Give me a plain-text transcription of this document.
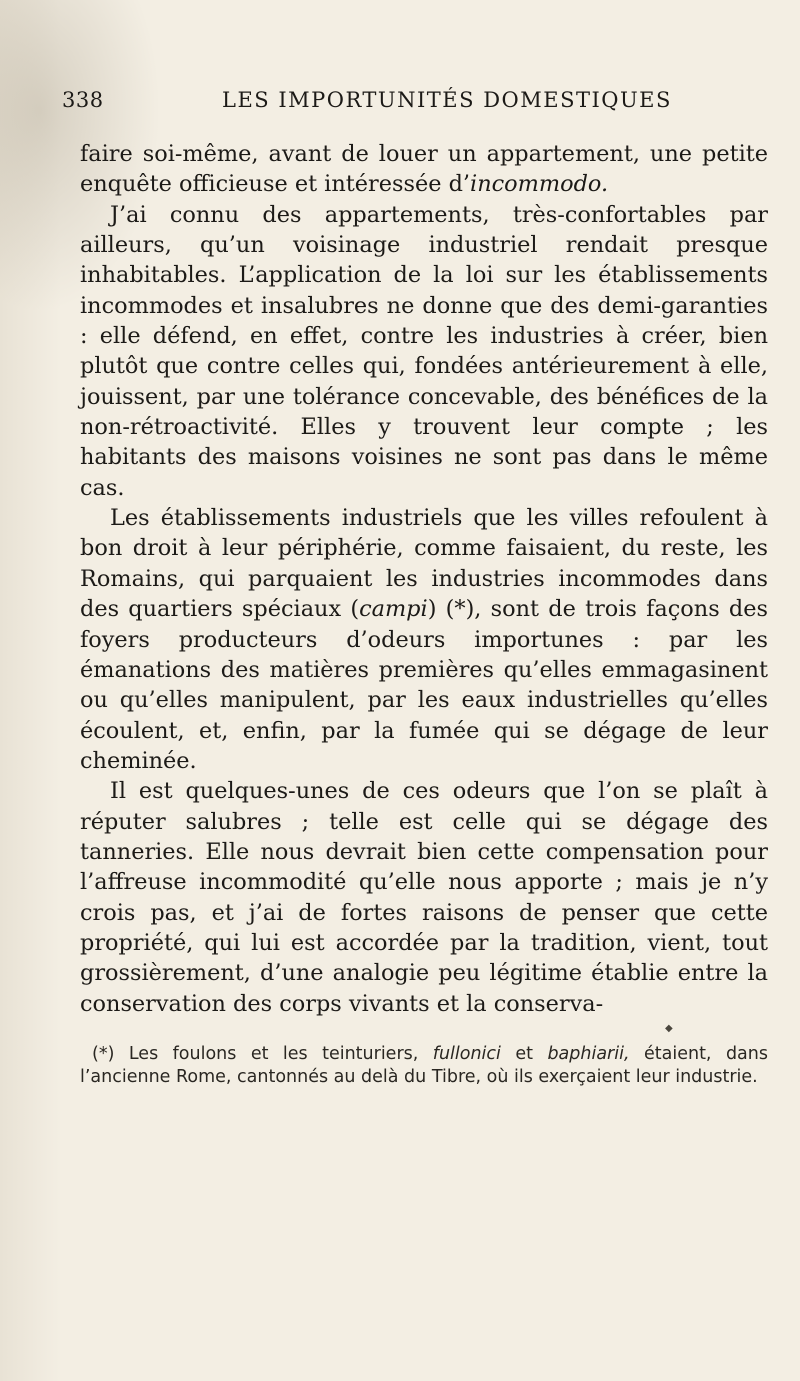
338	LES IMPORTUNITÉS DOMESTIQUES

faire soi-même, avant de louer un appartement, une petite enquête officieuse et intéressée d’incommodo.

J’ai connu des appartements, très-confortables par ailleurs, qu’un voisinage industriel rendait presque inhabitables. L’application de la loi sur les établissements incommodes et insalubres ne donne que des demi-garanties : elle défend, en effet, contre les industries à créer, bien plutôt que contre celles qui, fondées antérieurement à elle, jouissent, par une tolérance concevable, des bénéfices de la non-rétroactivité. Elles y trouvent leur compte ; les habitants des maisons voisines ne sont pas dans le même cas.

Les établissements industriels que les villes refoulent à bon droit à leur périphérie, comme faisaient, du reste, les Romains, qui parquaient les industries incommodes dans des quartiers spéciaux (campi) (*), sont de trois façons des foyers producteurs d’odeurs importunes : par les émanations des matières premières qu’elles emmagasinent ou qu’elles manipulent, par les eaux industrielles qu’elles écoulent, et, enfin, par la fumée qui se dégage de leur cheminée.

Il est quelques-unes de ces odeurs que l’on se plaît à réputer salubres ; telle est celle qui se dégage des tanneries. Elle nous devrait bien cette compensation pour l’affreuse incommodité qu’elle nous apporte ; mais je n’y crois pas, et j’ai de fortes raisons de penser que cette propriété, qui lui est accordée par la tradition, vient, tout grossièrement, d’une analogie peu légitime établie entre la conservation des corps vivants et la conserva-

◆

(*) Les foulons et les teinturiers, fullonici et baphiarii, étaient, dans l’ancienne Rome, cantonnés au delà du Tibre, où ils exerçaient leur industrie.
